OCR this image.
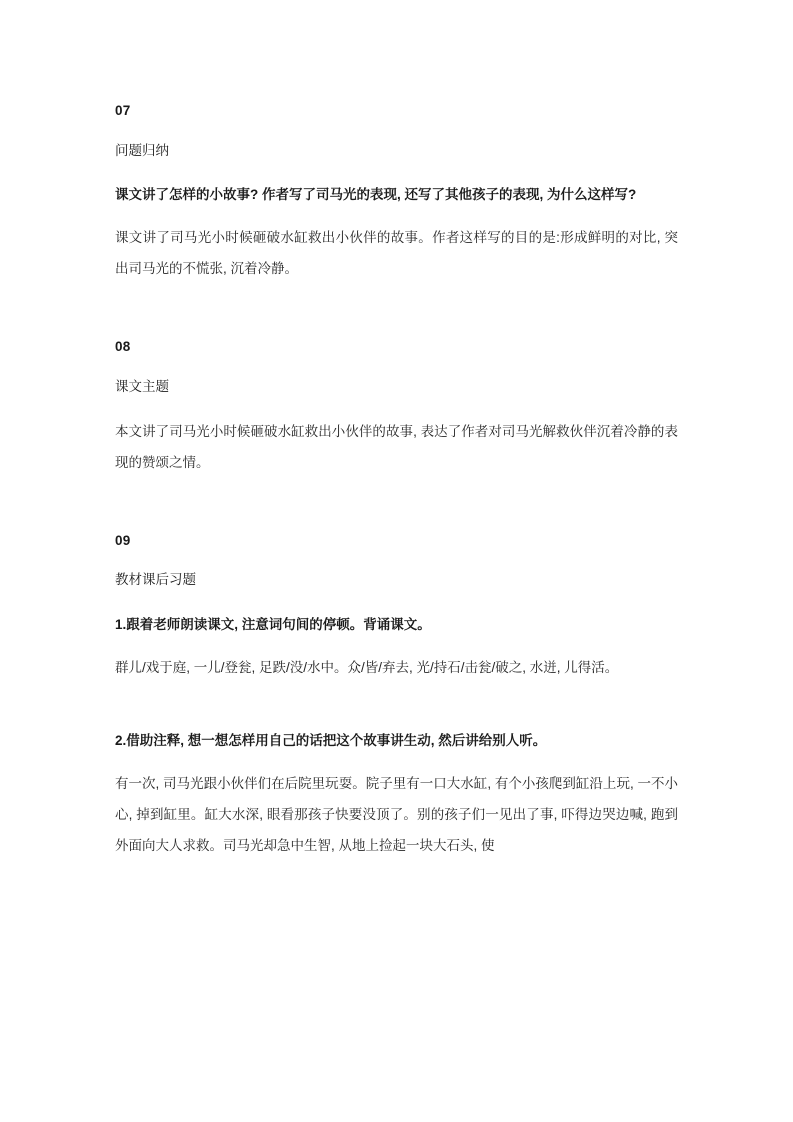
07

问题归纳

课文讲了怎样的小故事? 作者写了司马光的表现, 还写了其他孩子的表现, 为什么这样写?

课文讲了司马光小时候砸破水缸救出小伙伴的故事。作者这样写的目的是:形成鲜明的对比, 突出司马光的不慌张, 沉着冷静。

08

课文主题

本文讲了司马光小时候砸破水缸救出小伙伴的故事, 表达了作者对司马光解救伙伴沉着冷静的表现的赞颂之情。

09

教材课后习题

1.跟着老师朗读课文, 注意词句间的停顿。背诵课文。

群儿/戏于庭, 一儿/登瓮, 足跌/没/水中。众/皆/弃去, 光/持石/击瓮/破之, 水迸, 儿得活。

2.借助注释, 想一想怎样用自己的话把这个故事讲生动, 然后讲给别人听。

有一次, 司马光跟小伙伴们在后院里玩耍。院子里有一口大水缸, 有个小孩爬到缸沿上玩, 一不小心, 掉到缸里。缸大水深, 眼看那孩子快要没顶了。别的孩子们一见出了事, 吓得边哭边喊, 跑到外面向大人求救。司马光却急中生智, 从地上捡起一块大石头, 使
